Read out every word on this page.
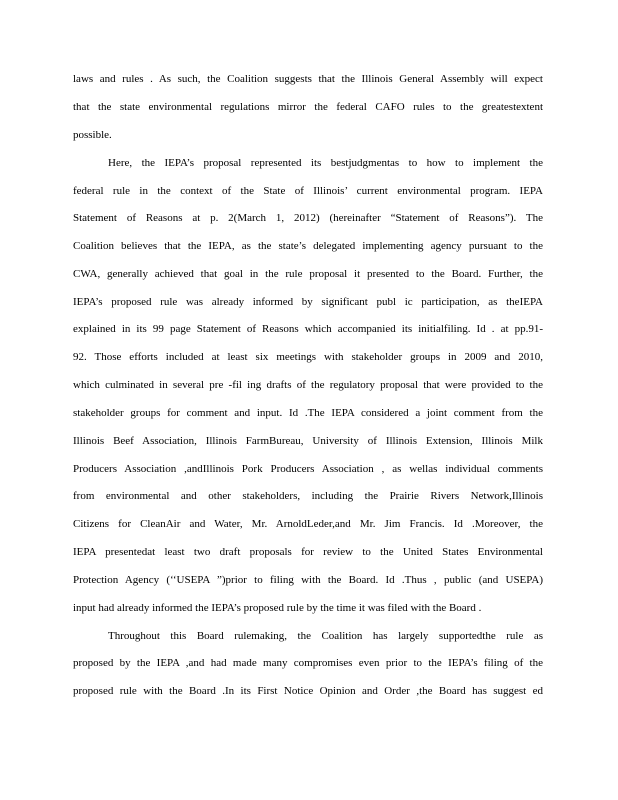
laws and rules . As such, the Coalition suggests that the Illinois General Assembly will expect
that the state environmental regulations mirror the federal CAFO rules to the greatestextent
possible.
Here, the IEPA’s proposal represented its bestjudgmentas to how to implement the
federal rule in the context of the State of Illinois’ current environmental program. IEPA
Statement of Reasons at p. 2(March 1, 2012) (hereinafter “Statement of Reasons”). The
Coalition believes that the IEPA, as the state’s delegated implementing agency pursuant to the
CWA, generally achieved that goal in the rule proposal it presented to the Board. Further, the
IEPA’s proposed rule was already informed by significant publ ic participation, as theIEPA
explained in its 99 page Statement of Reasons which accompanied its initialfiling. Id . at pp.91-
92. Those efforts included at least six meetings with stakeholder groups in 2009 and 2010,
which culminated in several pre -fil ing drafts of the regulatory proposal that were provided to the
stakeholder groups for comment and input. Id .The IEPA considered a joint comment from the
Illinois Beef Association, Illinois FarmBureau, University of Illinois Extension, Illinois Milk
Producers Association ,andIllinois Pork Producers Association , as wellas individual comments
from environmental and other stakeholders, including the Prairie Rivers Network,Illinois
Citizens for CleanAir and Water, Mr. ArnoldLeder,and Mr. Jim Francis. Id .Moreover, the
IEPA presentedat least two draft proposals for review to the United States Environmental
Protection Agency (‘‘USEPA ”)prior to filing with the Board. Id .Thus , public (and USEPA)
input had already informed the IEPA’s proposed rule by the time it was filed with the Board .
Throughout this Board rulemaking, the Coalition has largely supportedthe rule as
proposed by the IEPA ,and had made many compromises even prior to the IEPA’s filing of the
proposed rule with the Board .In its First Notice Opinion and Order ,the Board has suggest ed
